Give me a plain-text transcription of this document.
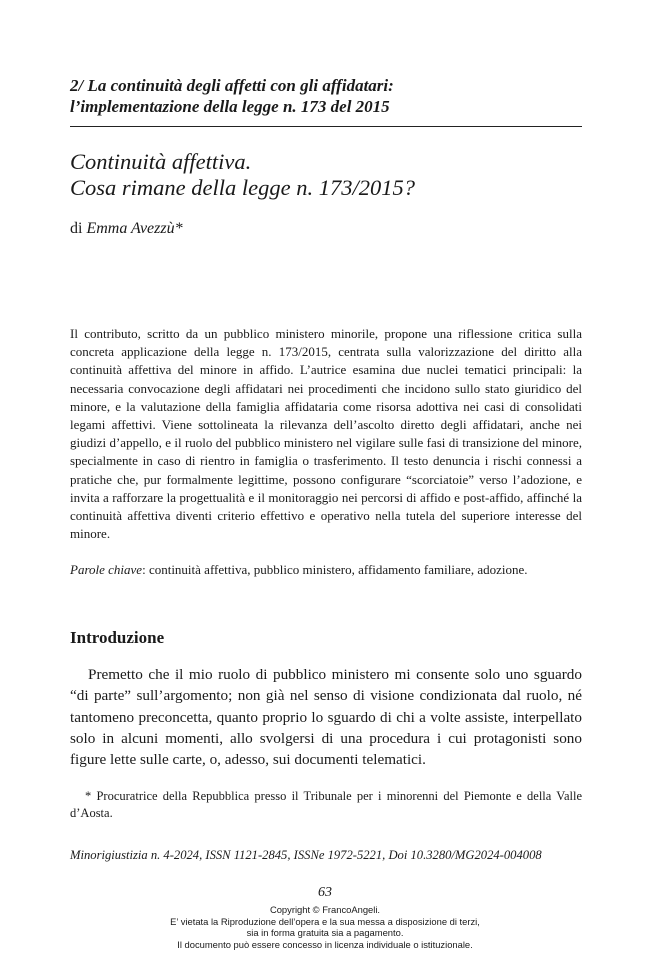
2/ La continuità degli affetti con gli affidatari:
l’implementazione della legge n. 173 del 2015
Continuità affettiva.
Cosa rimane della legge n. 173/2015?
di Emma Avezzù*
Il contributo, scritto da un pubblico ministero minorile, propone una riflessione critica sulla concreta applicazione della legge n. 173/2015, centrata sulla valorizzazione del diritto alla continuità affettiva del minore in affido. L’autrice esamina due nuclei tematici principali: la necessaria convocazione degli affidatari nei procedimenti che incidono sullo stato giuridico del minore, e la valutazione della famiglia affidataria come risorsa adottiva nei casi di consolidati legami affettivi. Viene sottolineata la rilevanza dell’ascolto diretto degli affidatari, anche nei giudizi d’appello, e il ruolo del pubblico ministero nel vigilare sulle fasi di transizione del minore, specialmente in caso di rientro in famiglia o trasferimento. Il testo denuncia i rischi connessi a pratiche che, pur formalmente legittime, possono configurare “scorciatoie” verso l’adozione, e invita a rafforzare la progettualità e il monitoraggio nei percorsi di affido e post-affido, affinché la continuità affettiva diventi criterio effettivo e operativo nella tutela del superiore interesse del minore.
Parole chiave: continuità affettiva, pubblico ministero, affidamento familiare, adozione.
Introduzione
Premetto che il mio ruolo di pubblico ministero mi consente solo uno sguardo “di parte” sull’argomento; non già nel senso di visione condizionata dal ruolo, né tantomeno preconcetta, quanto proprio lo sguardo di chi a volte assiste, interpellato solo in alcuni momenti, allo svolgersi di una procedura i cui protagonisti sono figure lette sulle carte, o, adesso, sui documenti telematici.
* Procuratrice della Repubblica presso il Tribunale per i minorenni del Piemonte e della Valle d’Aosta.
Minorigiustizia n. 4-2024, ISSN 1121-2845, ISSNe 1972-5221, Doi 10.3280/MG2024-004008
63
Copyright © FrancoAngeli.
E’ vietata la Riproduzione dell’opera e la sua messa a disposizione di terzi,
sia in forma gratuita sia a pagamento.
Il documento può essere concesso in licenza individuale o istituzionale.
